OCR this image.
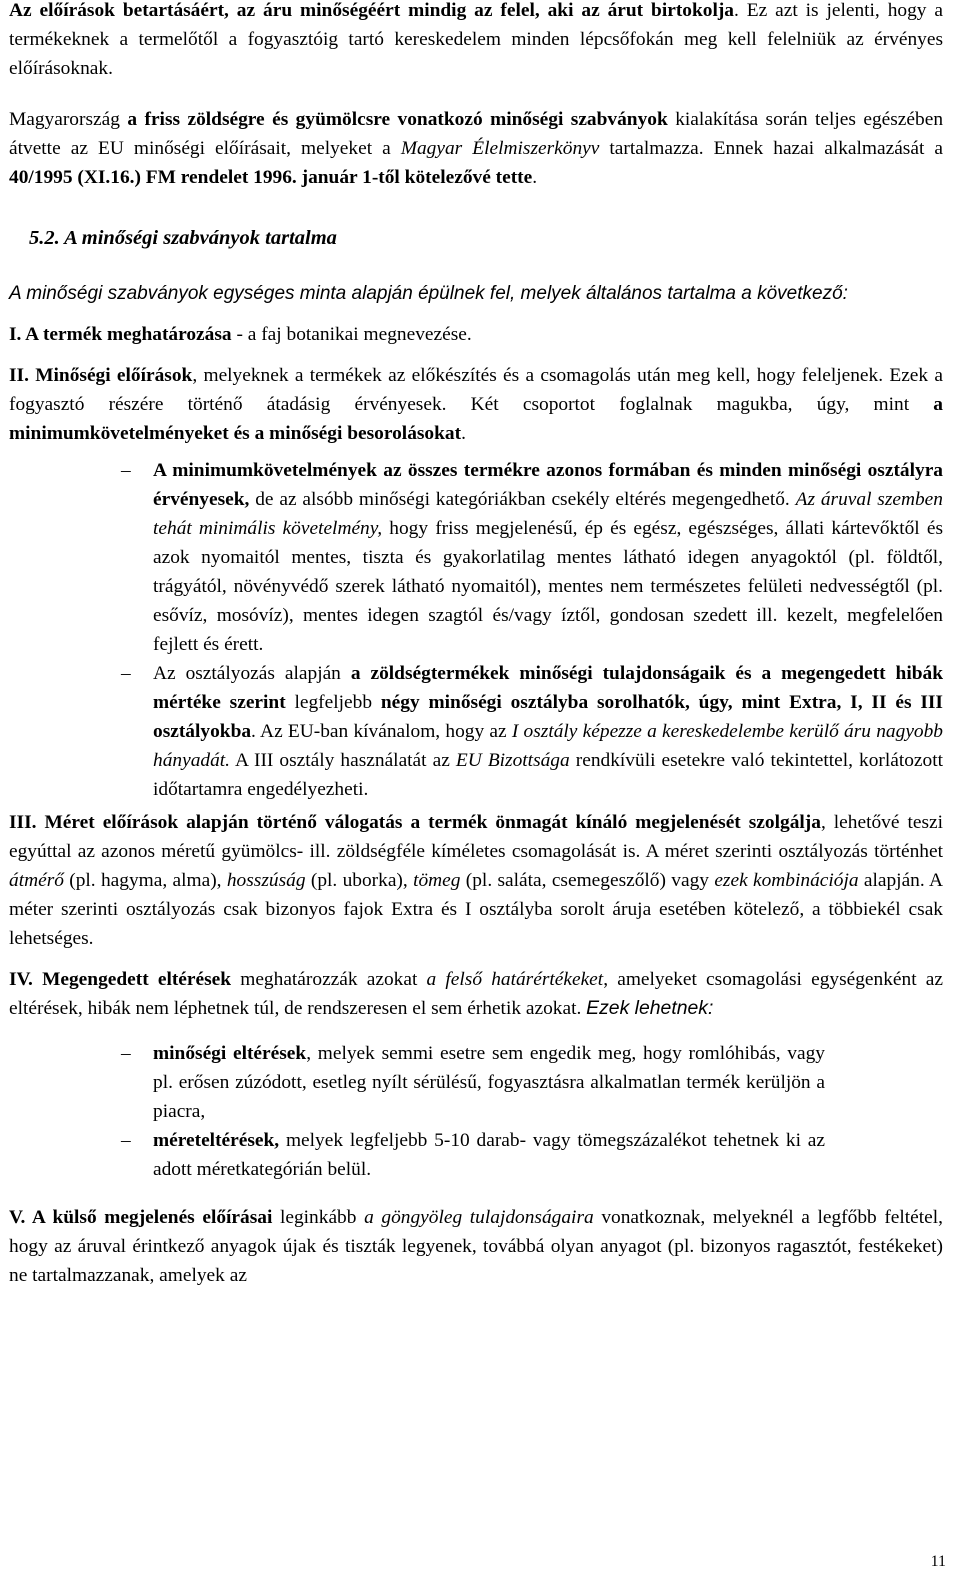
Az előírások betartásáért, az áru minőségéért mindig az felel, aki az árut birtokolja. Ez azt is jelenti, hogy a termékeknek a termelőtől a fogyasztóig tartó kereskedelem minden lépcsőfokán meg kell felelniük az érvényes előírásoknak.

Magyarország a friss zöldségre és gyümölcsre vonatkozó minőségi szabványok kialakítása során teljes egészében átvette az EU minőségi előírásait, melyeket a Magyar Élelmiszerkönyv tartalmazza. Ennek hazai alkalmazását a 40/1995 (XI.16.) FM rendelet 1996. január 1-től kötelezővé tette.

5.2. A minőségi szabványok tartalma

A minőségi szabványok egységes minta alapján épülnek fel, melyek általános tartalma a következő:

I. A termék meghatározása - a faj botanikai megnevezése.

II. Minőségi előírások, melyeknek a termékek az előkészítés és a csomagolás után meg kell, hogy feleljenek. Ezek a fogyasztó részére történő átadásig érvényesek. Két csoportot foglalnak magukba, úgy, mint a minimumkövetelményeket és a minőségi besorolásokat.

– A minimumkövetelmények az összes termékre azonos formában és minden minőségi osztályra érvényesek, de az alsóbb minőségi kategóriákban csekély eltérés megengedhető. Az áruval szemben tehát minimális követelmény, hogy friss megjelenésű, ép és egész, egészséges, állati kártevőktől és azok nyomaitól mentes, tiszta és gyakorlatilag mentes látható idegen anyagoktól (pl. földtől, trágyától, növényvédő szerek látható nyomaitól), mentes nem természetes felületi nedvességtől (pl. esővíz, mosóvíz), mentes idegen szagtól és/vagy íztől, gondosan szedett ill. kezelt, megfelelően fejlett és érett.
– Az osztályozás alapján a zöldségtermékek minőségi tulajdonságaik és a megengedett hibák mértéke szerint legfeljebb négy minőségi osztályba sorolhatók, úgy, mint Extra, I, II és III osztályokba. Az EU-ban kívánalom, hogy az I osztály képezze a kereskedelembe kerülő áru nagyobb hányadát. A III osztály használatát az EU Bizottsága rendkívüli esetekre való tekintettel, korlátozott időtartamra engedélyezheti.

III. Méret előírások alapján történő válogatás a termék önmagát kínáló megjelenését szolgálja, lehetővé teszi egyúttal az azonos méretű gyümölcs- ill. zöldségféle kíméletes csomagolását is. A méret szerinti osztályozás történhet átmérő (pl. hagyma, alma), hosszúság (pl. uborka), tömeg (pl. saláta, csemegeszőlő) vagy ezek kombinációja alapján. A méter szerinti osztályozás csak bizonyos fajok Extra és I osztályba sorolt áruja esetében kötelező, a többiekél csak lehetséges.

IV. Megengedett eltérések meghatározzák azokat a felső határértékeket, amelyeket csomagolási egységenként az eltérések, hibák nem léphetnek túl, de rendszeresen el sem érhetik azokat. Ezek lehetnek:

– minőségi eltérések, melyek semmi esetre sem engedik meg, hogy romlóhibás, vagy pl. erősen zúzódott, esetleg nyílt sérülésű, fogyasztásra alkalmatlan termék kerüljön a piacra,
– méreteltérések, melyek legfeljebb 5-10 darab- vagy tömegszázalékot tehetnek ki az adott méretkategórián belül.

V. A külső megjelenés előírásai leginkább a göngyöleg tulajdonságaira vonatkoznak, melyeknél a legfőbb feltétel, hogy az áruval érintkező anyagok újak és tiszták legyenek, továbbá olyan anyagot (pl. bizonyos ragasztót, festékeket) ne tartalmazzanak, amelyek az

11
